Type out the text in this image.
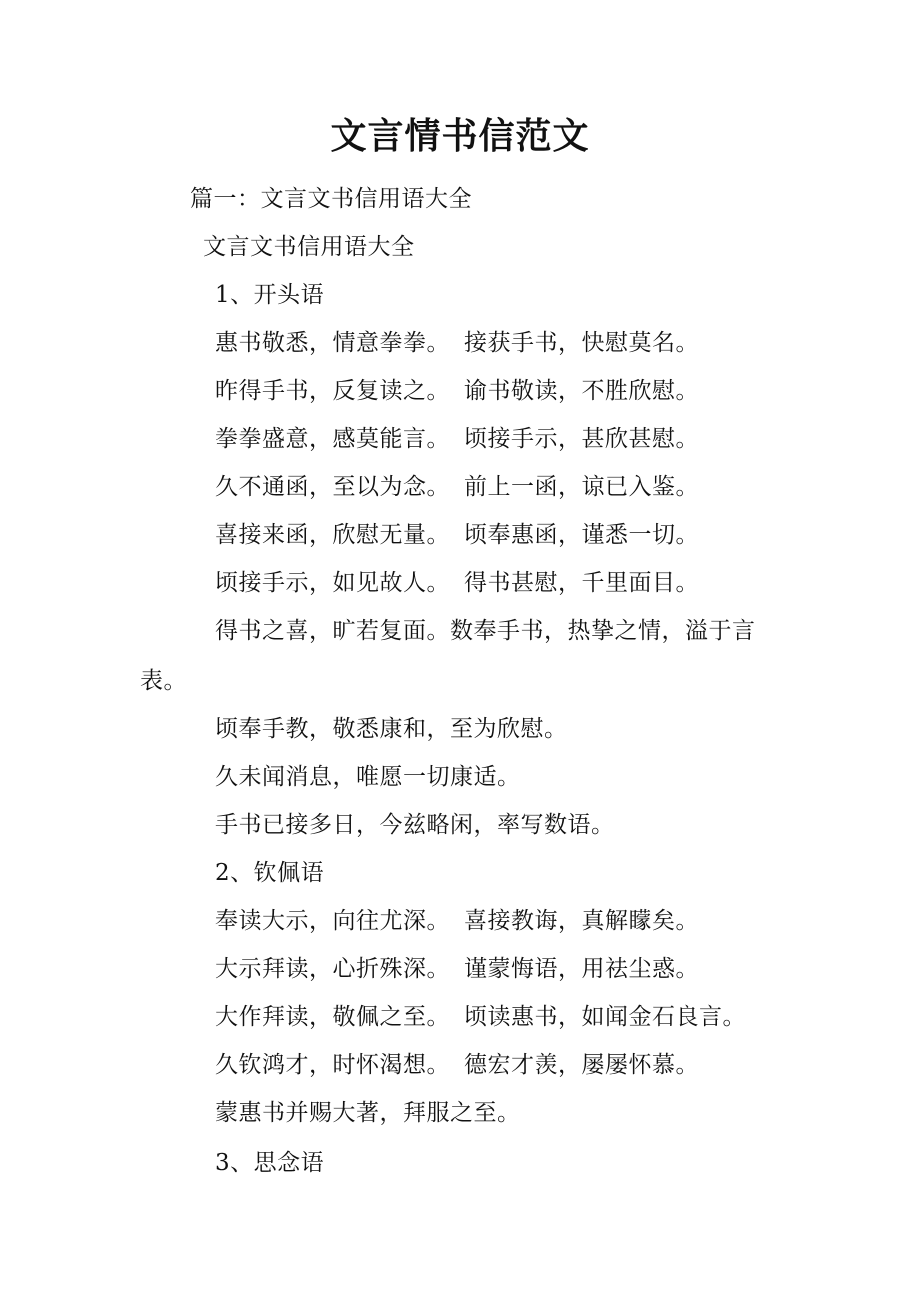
文言情书信范文
篇一：文言文书信用语大全
文言文书信用语大全
1、开头语
惠书敬悉，情意拳拳。 接获手书，快慰莫名。
昨得手书，反复读之。 谕书敬读，不胜欣慰。
拳拳盛意，感莫能言。 顷接手示，甚欣甚慰。
久不通函，至以为念。 前上一函，谅已入鉴。
喜接来函，欣慰无量。 顷奉惠函，谨悉一切。
顷接手示，如见故人。 得书甚慰，千里面目。
得书之喜，旷若复面。数奉手书，热挚之情，溢于言
表。
顷奉手教，敬悉康和，至为欣慰。
久未闻消息，唯愿一切康适。
手书已接多日，今兹略闲，率写数语。
2、钦佩语
奉读大示，向往尤深。 喜接教诲，真解矇矣。
大示拜读，心折殊深。 谨蒙悔语，用祛尘惑。
大作拜读，敬佩之至。 顷读惠书，如闻金石良言。
久钦鸿才，时怀渴想。 德宏才羡，屡屡怀慕。
蒙惠书并赐大著，拜服之至。
3、思念语
